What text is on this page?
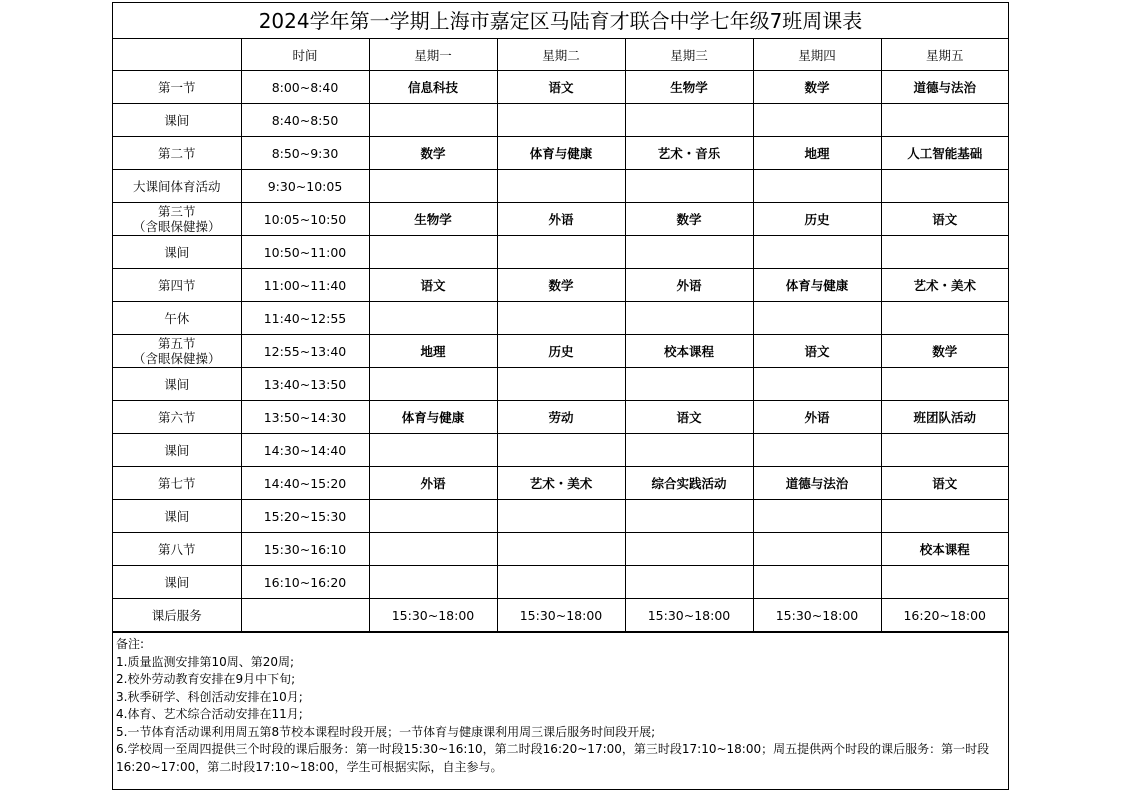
2024学年第一学期上海市嘉定区马陆育才联合中学七年级7班周课表
	时间	星期一	星期二	星期三	星期四	星期五

第一节	8:00~8:40	信息科技	语文	生物学	数学	道德与法治

课间	8:40~8:50					

第二节	8:50~9:30	数学	体育与健康	艺术・音乐	地理	人工智能基础

大课间体育活动	9:30~10:05					

第三节
（含眼保健操）	10:05~10:50	生物学	外语	数学	历史	语文

课间	10:50~11:00					

第四节	11:00~11:40	语文	数学	外语	体育与健康	艺术・美术

午休	11:40~12:55					

第五节
（含眼保健操）	12:55~13:40	地理	历史	校本课程	语文	数学

课间	13:40~13:50					

第六节	13:50~14:30	体育与健康	劳动	语文	外语	班团队活动

课间	14:30~14:40					

第七节	14:40~15:20	外语	艺术・美术	综合实践活动	道德与法治	语文

课间	15:20~15:30					

第八节	15:30~16:10					校本课程

课间	16:10~16:20					

课后服务		15:30~18:00	15:30~18:00	15:30~18:00	15:30~18:00	16:20~18:00
备注:
1.质量监测安排第10周、第20周;
2.校外劳动教育安排在9月中下旬;
3.秋季研学、科创活动安排在10月;
4.体育、艺术综合活动安排在11月;
5.一节体育活动课利用周五第8节校本课程时段开展；一节体育与健康课利用周三课后服务时间段开展;
6.学校周一至周四提供三个时段的课后服务：第一时段15:30~16:10，第二时段16:20~17:00，第三时段17:10~18:00；周五提供两个时段的课后服务：第一时段16:20~17:00，第二时段17:10~18:00，学生可根据实际，自主参与。
